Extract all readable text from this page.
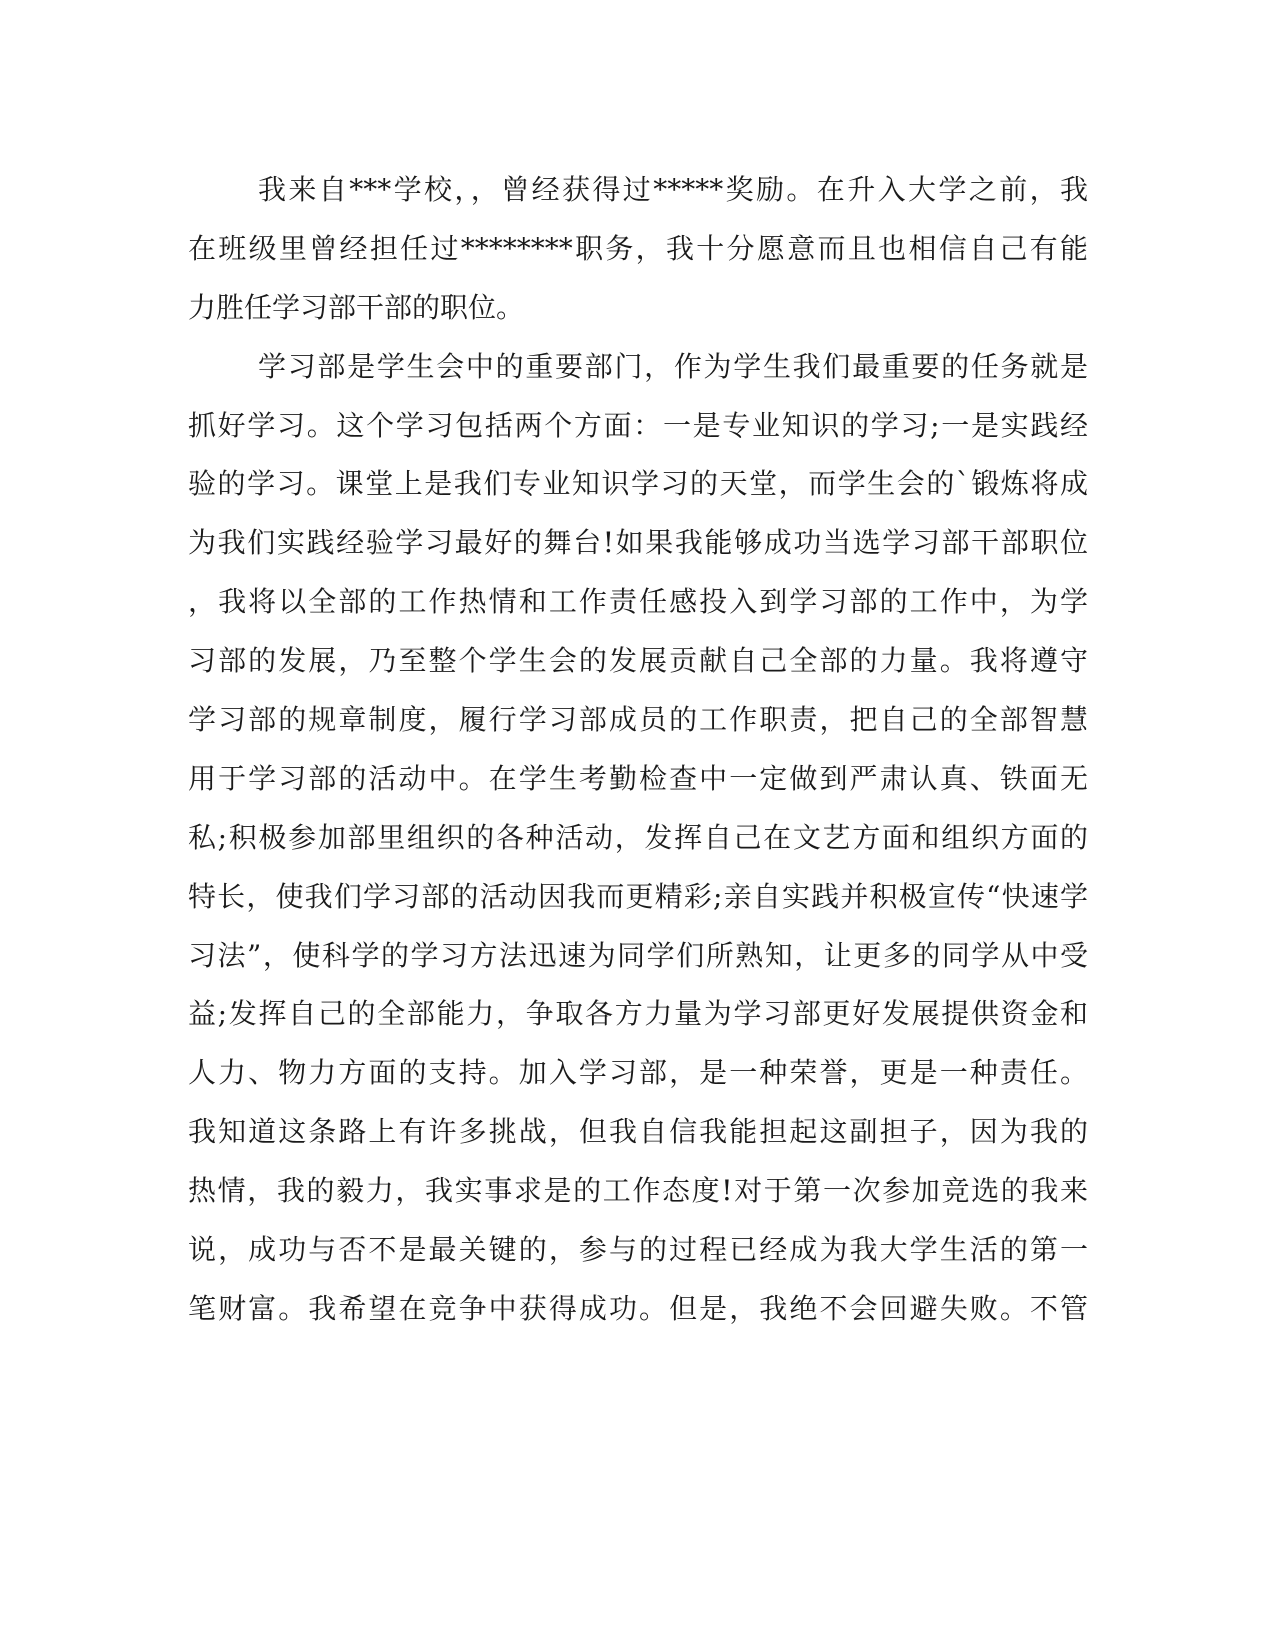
我来自***学校，，曾经获得过*****奖励。在升入大学之前，我
在班级里曾经担任过********职务，我十分愿意而且也相信自己有能
力胜任学习部干部的职位。
学习部是学生会中的重要部门，作为学生我们最重要的任务就是
抓好学习。这个学习包括两个方面：一是专业知识的学习;一是实践经
验的学习。课堂上是我们专业知识学习的天堂，而学生会的`锻炼将成
为我们实践经验学习最好的舞台!如果我能够成功当选学习部干部职位
，我将以全部的工作热情和工作责任感投入到学习部的工作中，为学
习部的发展，乃至整个学生会的发展贡献自己全部的力量。我将遵守
学习部的规章制度，履行学习部成员的工作职责，把自己的全部智慧
用于学习部的活动中。在学生考勤检查中一定做到严肃认真、铁面无
私;积极参加部里组织的各种活动，发挥自己在文艺方面和组织方面的
特长，使我们学习部的活动因我而更精彩;亲自实践并积极宣传“快速学
习法”，使科学的学习方法迅速为同学们所熟知，让更多的同学从中受
益;发挥自己的全部能力，争取各方力量为学习部更好发展提供资金和
人力、物力方面的支持。加入学习部，是一种荣誉，更是一种责任。
我知道这条路上有许多挑战，但我自信我能担起这副担子，因为我的
热情，我的毅力，我实事求是的工作态度!对于第一次参加竞选的我来
说，成功与否不是最关键的，参与的过程已经成为我大学生活的第一
笔财富。我希望在竞争中获得成功。但是，我绝不会回避失败。不管
